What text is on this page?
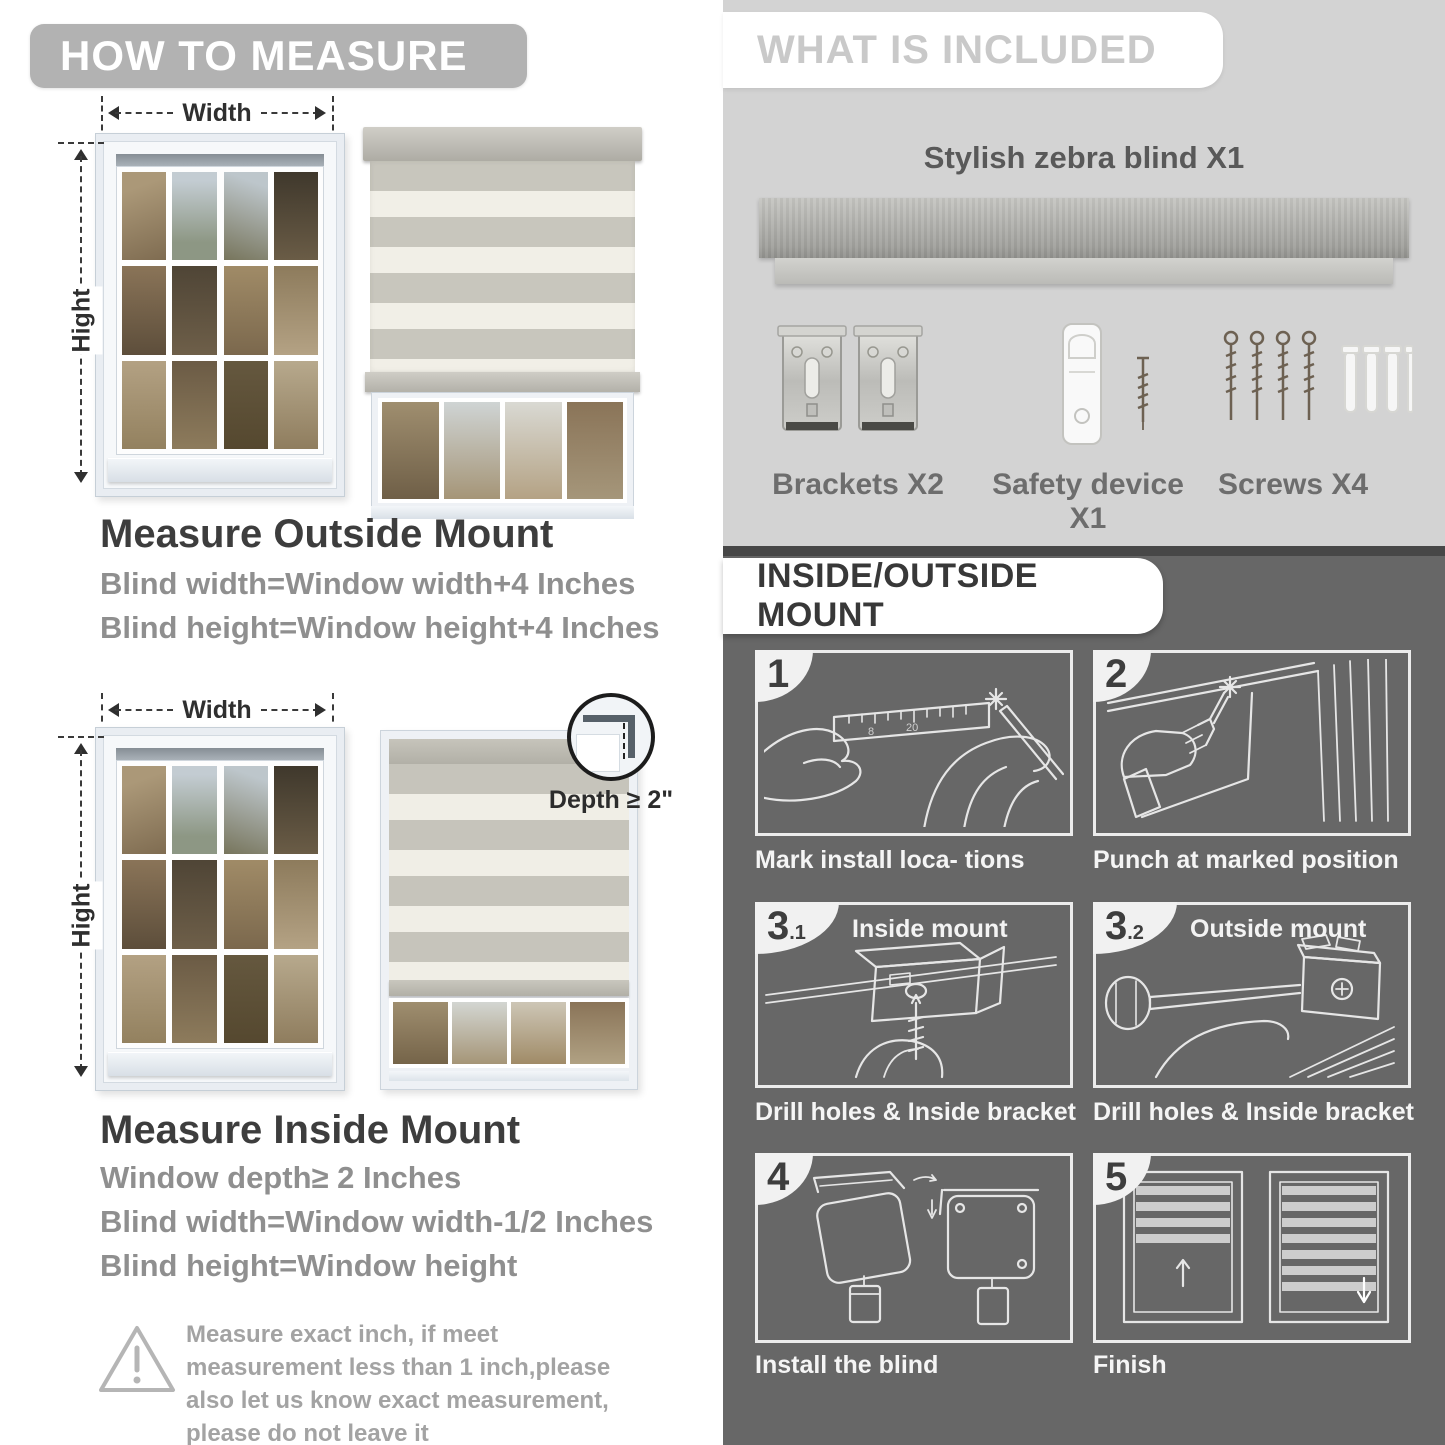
HOW TO MEASURE
Width
Hight
Measure Outside Mount
Blind width=Window width+4 Inches
Blind height=Window height+4 Inches
Width
Hight
Depth ≥ 2"
Measure Inside Mount
Window depth≥ 2 Inches
Blind width=Window width-1/2 Inches
Blind height=Window height
Measure exact inch, if meet measurement less than 1 inch,please also let us know exact measurement, please do not leave it
WHAT IS INCLUDED
Stylish zebra blind X1
Brackets X2	Safety device X1
Screws X4
INSIDE/OUTSIDE MOUNT
8	20
1
Mark install loca- tions
2
Punch at marked position
3 .1 Inside mount
Drill holes & Inside bracket
3 .2 Outside mount
Drill holes & Inside bracket
4
Install the blind
5
Finish
